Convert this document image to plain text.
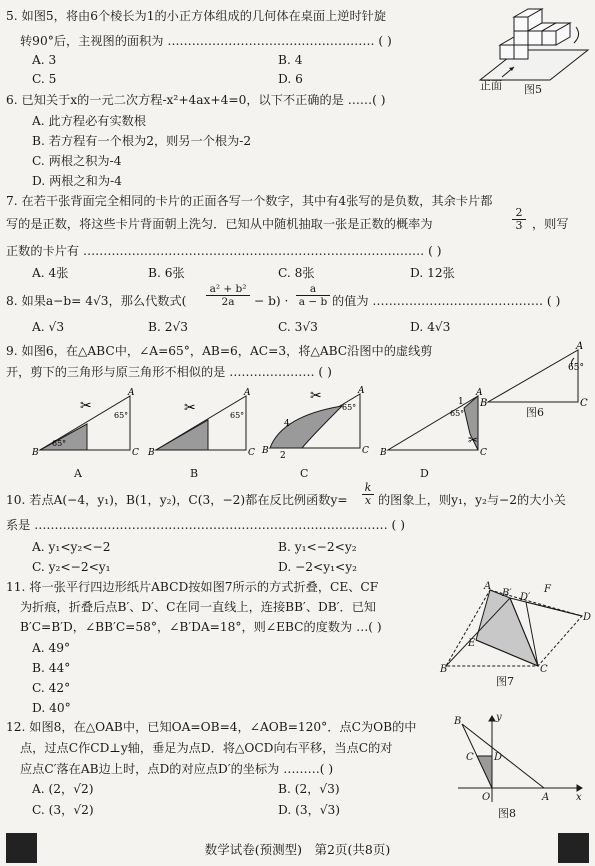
5. 如图5，将由6个棱长为1的小正方体组成的几何体在桌面上逆时针旋
转90°后，主视图的面积为 …………………………………………… ( )
A. 3	B. 4
C. 5	D. 6	正面 图5
6. 已知关于x的一元二次方程-x²+4ax+4=0，以下不正确的是 ……( )
A. 此方程必有实数根
B. 若方程有一个根为2，则另一个根为-2
C. 两根之积为-4
D. 两根之和为-4
7. 在若干张背面完全相同的卡片的正面各写一个数字，其中有4张写的是负数，其余卡片都
写的是正数，将这些卡片背面朝上洗匀．已知从中随机抽取一张是正数的概率为	$\frac{2}{3}$ ，则写
正数的卡片有 ………………………………………………………………………… ( )
A. 4张	B. 6张	C. 8张	D. 12张
8. 如果a−b= 4√3，那么代数式( $\frac{\text{a² + b²}}{2a} - b) \cdot \frac{a}{a - b}$ 的值为 …………………………………… ( )
A. √3	B. 2√3	C. 3√3	D. 4√3
9. 如图6，在△ABC中，∠A=65°，AB=6，AC=3，将△ABC沿图中的虚线剪
开，剪下的三角形与原三角形不相似的是 ………………… ( )	65°
A
B	C
图6
65°
65°
A
B	C
✂
A
65°
A
B	C
✂
B
4
2
65°
A
B	C
✂
C
65°
1
A
B	C
✂
D
10. 若点A(−4，y₁)，B(1，y₂)，C(3，−2)都在反比例函数$y= \frac{k}{x}$ 的图象上，则y₁，y₂与−2的大小关
系是 …………………………………………………………………………… ( )
A. y₁<y₂<−2	B. y₁<−2<y₂
C. y₂<−2<y₁	D. −2<y₁<y₂
11. 将一张平行四边形纸片ABCD按如图7所示的方式折叠，CE、CF
为折痕，折叠后点B′、D′、C在同一直线上，连接BB′、DB′．已知
B′C=B′D，∠BB′C=58°，∠B′DA=18°，则∠EBC的度数为 …( )
A. 49°
B. 44°
C. 42°
D. 40°
A
B′ D′
F
D
E
B	C
图7
12. 如图8，在△OAB中，已知OA=OB=4，∠AOB=120°．点C为OB的中
点，过点C作CD⊥y轴，垂足为点D．将△OCD向右平移，当点C的对
应点C′落在AB边上时，点D的对应点D′的坐标为 ………( )
A. (2，√2)	B. (2，√3)
C. (3，√2)	D. (3，√3)
B
C D
O	A	x
y
图8
数学试卷(预测型)　第2页(共8页)
